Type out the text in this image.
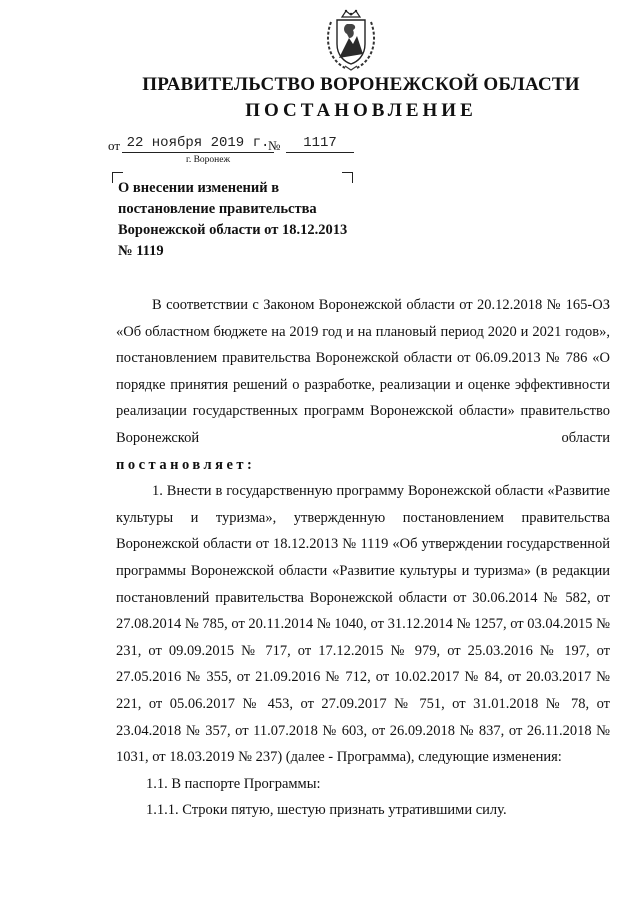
ПРАВИТЕЛЬСТВО ВОРОНЕЖСКОЙ ОБЛАСТИ
ПОСТАНОВЛЕНИЕ
от 22 ноября 2019 г.
№	1117
г. Воронеж
О внесении изменений в постановление правительства Воронежской области от 18.12.2013 № 1119

В соответствии с Законом Воронежской области от 20.12.2018 № 165-ОЗ «Об областном бюджете на 2019 год и на плановый период 2020 и 2021 годов», постановлением правительства Воронежской области от 06.09.2013 № 786 «О порядке принятия решений о разработке, реализации и оценке эффективности реализации государственных программ Воронежской области» правительство Воронежской области

постановляет:

1. Внести в государственную программу Воронежской области «Развитие культуры и туризма», утвержденную постановлением правительства Воронежской области от 18.12.2013 № 1119 «Об утверждении государственной программы Воронежской области «Развитие культуры и туризма» (в редакции постановлений правительства Воронежской области от 30.06.2014 № 582, от 27.08.2014 № 785, от 20.11.2014 № 1040, от 31.12.2014 № 1257, от 03.04.2015 № 231, от 09.09.2015 № 717, от 17.12.2015 № 979, от 25.03.2016 № 197, от 27.05.2016 № 355, от 21.09.2016 № 712, от 10.02.2017 № 84, от 20.03.2017 № 221, от 05.06.2017 № 453, от 27.09.2017 № 751, от 31.01.2018 № 78, от 23.04.2018 № 357, от 11.07.2018 № 603, от 26.09.2018 № 837, от 26.11.2018 № 1031, от 18.03.2019 № 237) (далее - Программа), следующие изменения:

1.1. В паспорте Программы:

1.1.1. Строки пятую, шестую признать утратившими силу.
